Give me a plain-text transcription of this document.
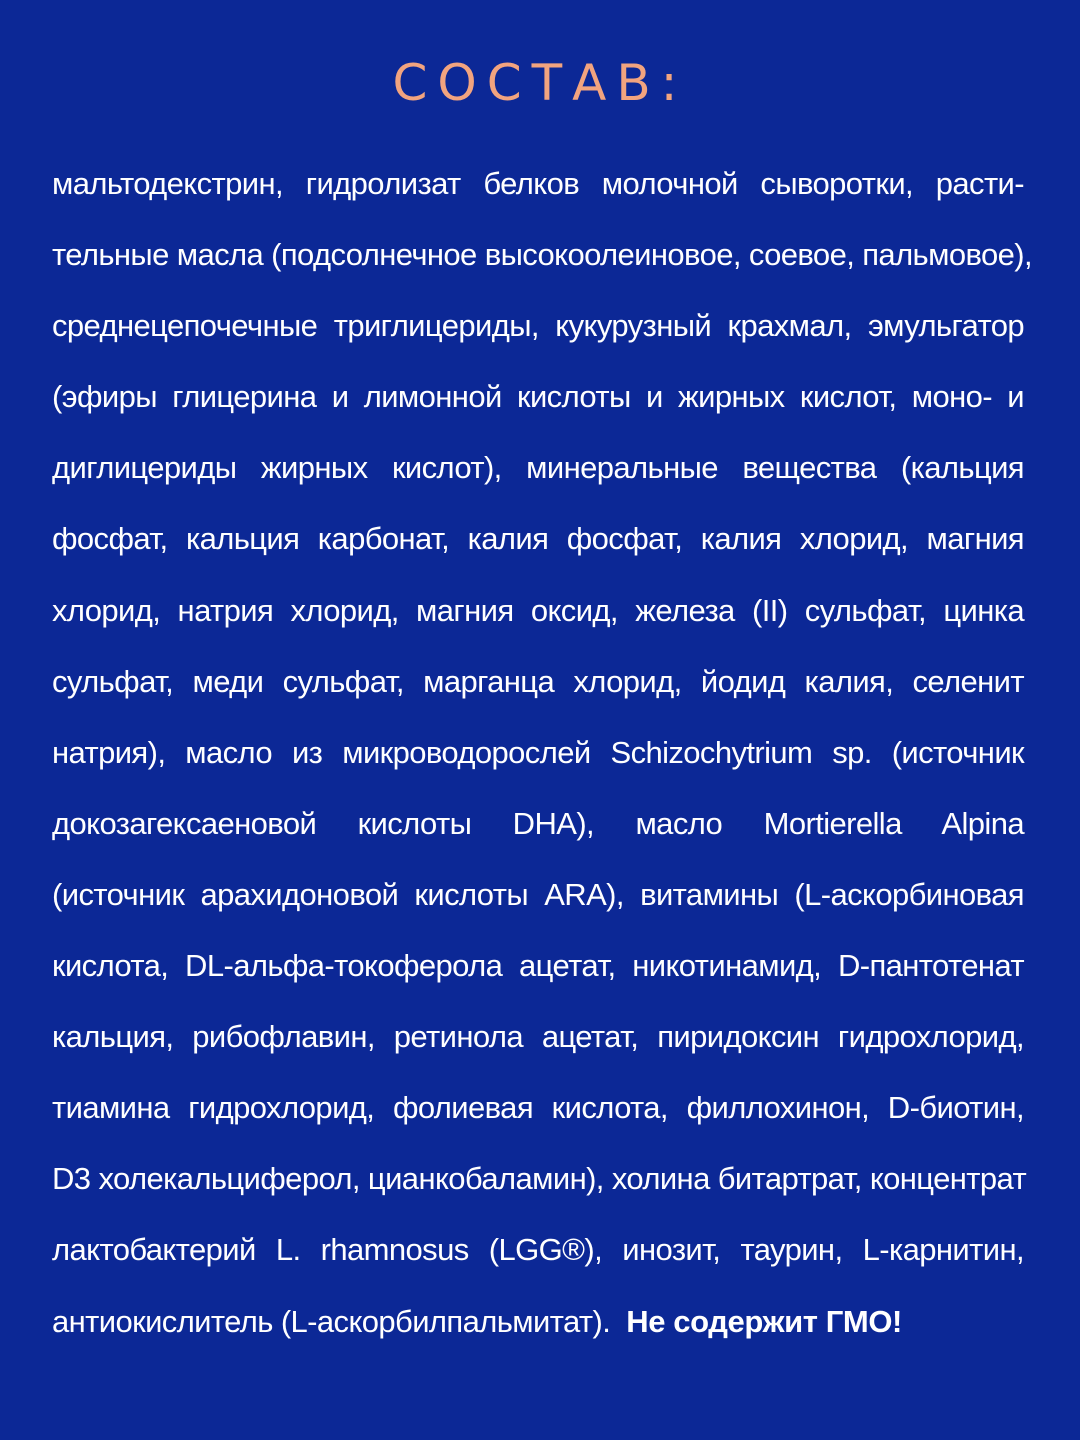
СОСТАВ:
мальтодекстрин, гидролизат белков молочной сыворотки, расти-
тельные масла (подсолнечное высокоолеиновое, соевое, пальмовое),
среднецепочечные триглицериды, кукурузный крахмал, эмульгатор
(эфиры глицерина и лимонной кислоты и жирных кислот, моно- и
диглицериды жирных кислот), минеральные вещества (кальция
фосфат, кальция карбонат, калия фосфат, калия хлорид, магния
хлорид, натрия хлорид, магния оксид, железа (II) сульфат, цинка
сульфат, меди сульфат, марганца хлорид, йодид калия, селенит
натрия), масло из микроводорослей Schizochytrium sp. (источник
докозагексаеновой кислоты DHA), масло Mortierella Alpina
(источник арахидоновой кислоты ARA), витамины (L-аскорбиновая
кислота, DL-альфа-токоферола ацетат, никотинамид, D-пантотенат
кальция, рибофлавин, ретинола ацетат, пиридоксин гидрохлорид,
тиамина гидрохлорид, фолиевая кислота, филлохинон, D-биотин,
D3 холекальциферол, цианкобаламин), холина битартрат, концентрат
лактобактерий L. rhamnosus (LGG®), инозит, таурин, L-карнитин,
антиокислитель (L-аскорбилпальмитат). Не содержит ГМО!
